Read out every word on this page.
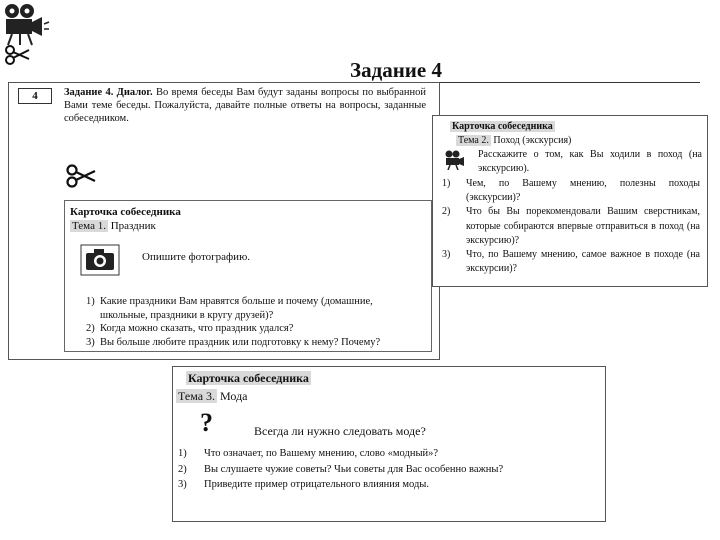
Задание 4
4	Задание 4. Диалог. Во время беседы Вам будут заданы вопросы по выбранной Вами теме беседы. Пожалуйста, давайте полные ответы на вопросы, заданные собеседником.
Карточка собеседника
Тема 1. Праздник
Опишите фотографию.
1) Какие праздники Вам нравятся больше и почему (домашние, школьные, праздники в кругу друзей)?
2) Когда можно сказать, что праздник удался?
3) Вы больше любите праздник или подготовку к нему? Почему?
Карточка собеседника
Тема 2. Поход (экскурсия)
Расскажите о том, как Вы ходили в поход (на экскурсию).
1) Чем, по Вашему мнению, полезны походы (экскурсии)?
2) Что бы Вы порекомендовали Вашим сверстникам, которые собираются впервые отправиться в поход (на экскурсию)?
3) Что, по Вашему мнению, самое важное в походе (на экскурсии)?
Карточка собеседника
Тема 3. Мода
?	Всегда ли нужно следовать моде?
1) Что означает, по Вашему мнению, слово «модный»?
2) Вы слушаете чужие советы? Чьи советы для Вас особенно важны?
3) Приведите пример отрицательного влияния моды.
